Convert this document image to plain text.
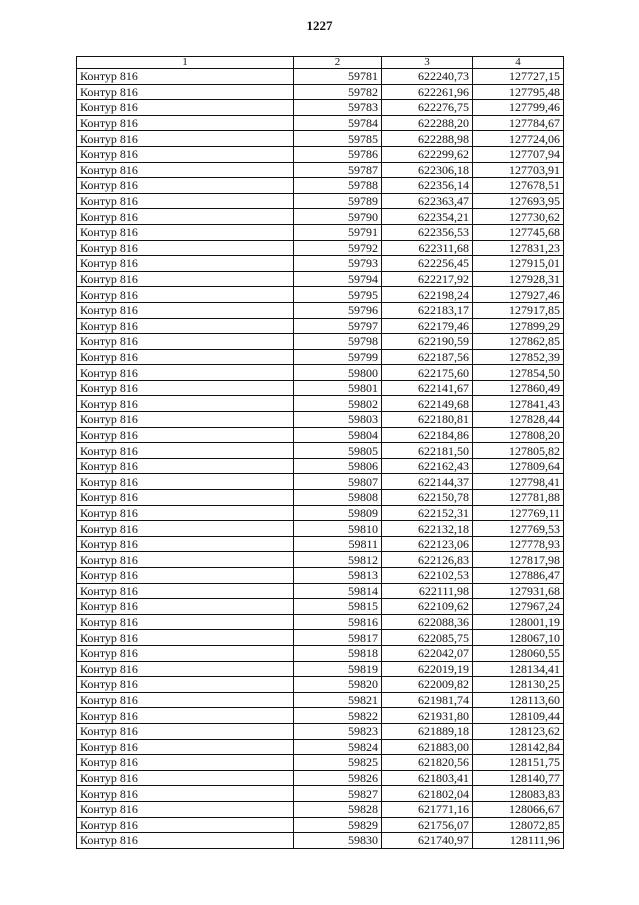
1227
1	2	3	4
Контур 816	59781	622240,73	127727,15
Контур 816	59782	622261,96	127795,48
Контур 816	59783	622276,75	127799,46
Контур 816	59784	622288,20	127784,67
Контур 816	59785	622288,98	127724,06
Контур 816	59786	622299,62	127707,94
Контур 816	59787	622306,18	127703,91
Контур 816	59788	622356,14	127678,51
Контур 816	59789	622363,47	127693,95
Контур 816	59790	622354,21	127730,62
Контур 816	59791	622356,53	127745,68
Контур 816	59792	622311,68	127831,23
Контур 816	59793	622256,45	127915,01
Контур 816	59794	622217,92	127928,31
Контур 816	59795	622198,24	127927,46
Контур 816	59796	622183,17	127917,85
Контур 816	59797	622179,46	127899,29
Контур 816	59798	622190,59	127862,85
Контур 816	59799	622187,56	127852,39
Контур 816	59800	622175,60	127854,50
Контур 816	59801	622141,67	127860,49
Контур 816	59802	622149,68	127841,43
Контур 816	59803	622180,81	127828,44
Контур 816	59804	622184,86	127808,20
Контур 816	59805	622181,50	127805,82
Контур 816	59806	622162,43	127809,64
Контур 816	59807	622144,37	127798,41
Контур 816	59808	622150,78	127781,88
Контур 816	59809	622152,31	127769,11
Контур 816	59810	622132,18	127769,53
Контур 816	59811	622123,06	127778,93
Контур 816	59812	622126,83	127817,98
Контур 816	59813	622102,53	127886,47
Контур 816	59814	622111,98	127931,68
Контур 816	59815	622109,62	127967,24
Контур 816	59816	622088,36	128001,19
Контур 816	59817	622085,75	128067,10
Контур 816	59818	622042,07	128060,55
Контур 816	59819	622019,19	128134,41
Контур 816	59820	622009,82	128130,25
Контур 816	59821	621981,74	128113,60
Контур 816	59822	621931,80	128109,44
Контур 816	59823	621889,18	128123,62
Контур 816	59824	621883,00	128142,84
Контур 816	59825	621820,56	128151,75
Контур 816	59826	621803,41	128140,77
Контур 816	59827	621802,04	128083,83
Контур 816	59828	621771,16	128066,67
Контур 816	59829	621756,07	128072,85
Контур 816	59830	621740,97	128111,96
